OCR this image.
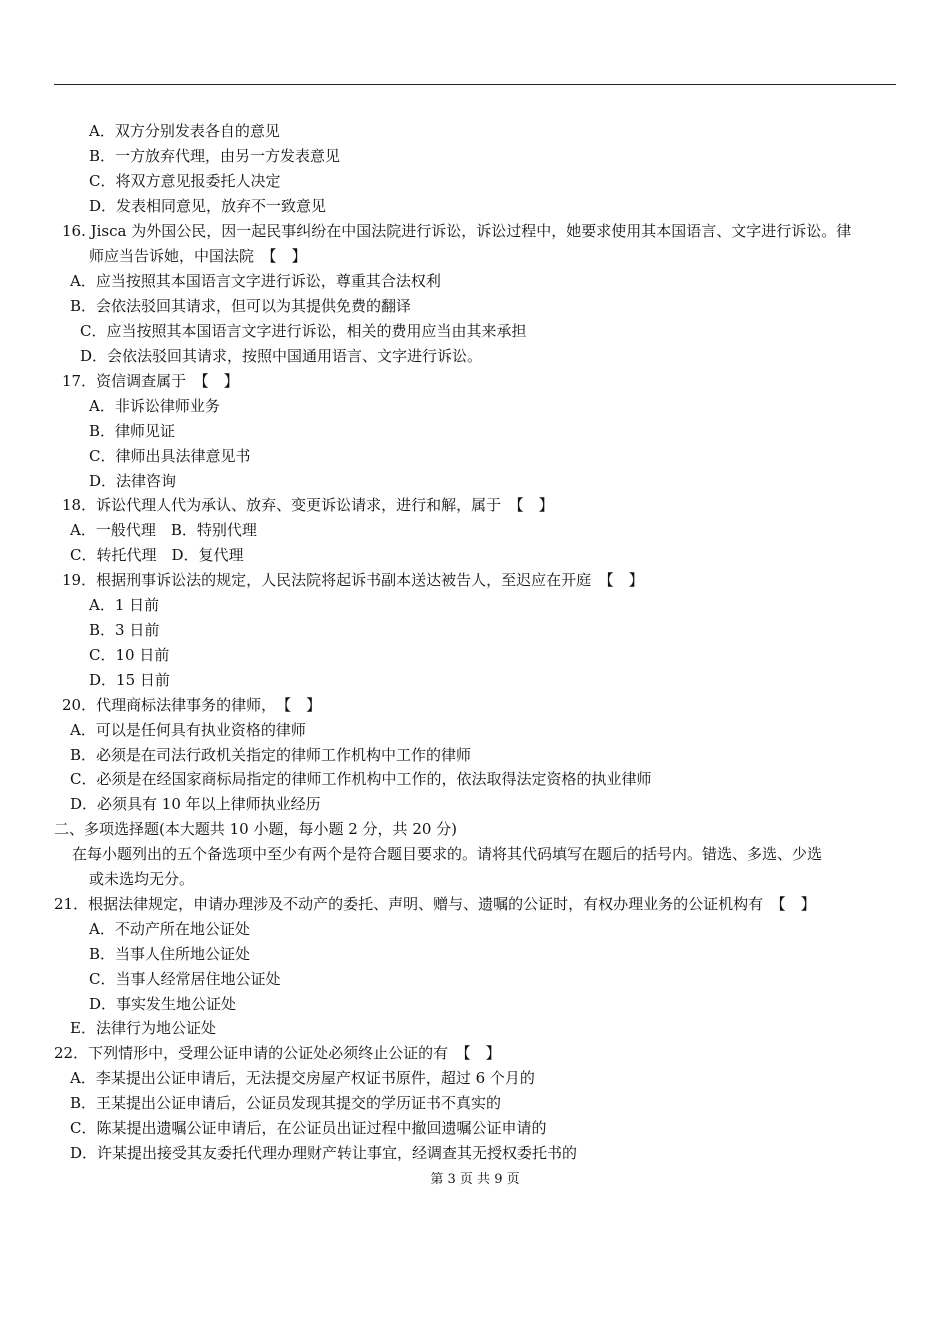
A．双方分别发表各自的意见
B．一方放弃代理，由另一方发表意见
C．将双方意见报委托人决定
D．发表相同意见，放弃不一致意见
16. Jisca 为外国公民，因一起民事纠纷在中国法院进行诉讼，诉讼过程中，她要求使用其本国语言、文字进行诉讼。律
师应当告诉她，中国法院　【　】
A．应当按照其本国语言文字进行诉讼，尊重其合法权利
B．会依法驳回其请求，但可以为其提供免费的翻译
C．应当按照其本国语言文字进行诉讼，相关的费用应当由其来承担
D．会依法驳回其请求，按照中国通用语言、文字进行诉讼。
17．资信调查属于　【　】
A．非诉讼律师业务
B．律师见证
C．律师出具法律意见书
D．法律咨询
18．诉讼代理人代为承认、放弃、变更诉讼请求，进行和解，属于　【　】
A．一般代理　B．特别代理
C．转托代理　D．复代理
19．根据刑事诉讼法的规定，人民法院将起诉书副本送达被告人，至迟应在开庭　【　】
A．1 日前
B．3 日前
C．10 日前
D．15 日前
20．代理商标法律事务的律师，　【　】
A．可以是任何具有执业资格的律师
B．必须是在司法行政机关指定的律师工作机构中工作的律师
C．必须是在经国家商标局指定的律师工作机构中工作的，依法取得法定资格的执业律师
D．必须具有 10 年以上律师执业经历
二、多项选择题(本大题共 10 小题，每小题 2 分，共 20 分)
在每小题列出的五个备选项中至少有两个是符合题目要求的。请将其代码填写在题后的括号内。错选、多选、少选
或未选均无分。
21．根据法律规定，申请办理涉及不动产的委托、声明、赠与、遗嘱的公证时，有权办理业务的公证机构有　【　】
A．不动产所在地公证处
B．当事人住所地公证处
C．当事人经常居住地公证处
D．事实发生地公证处
E．法律行为地公证处
22．下列情形中，受理公证申请的公证处必须终止公证的有　【　】
A．李某提出公证申请后，无法提交房屋产权证书原件，超过 6 个月的
B．王某提出公证申请后，公证员发现其提交的学历证书不真实的
C．陈某提出遗嘱公证申请后，在公证员出证过程中撤回遗嘱公证申请的
D．许某提出接受其友委托代理办理财产转让事宜，经调查其无授权委托书的
第 3 页 共 9 页
